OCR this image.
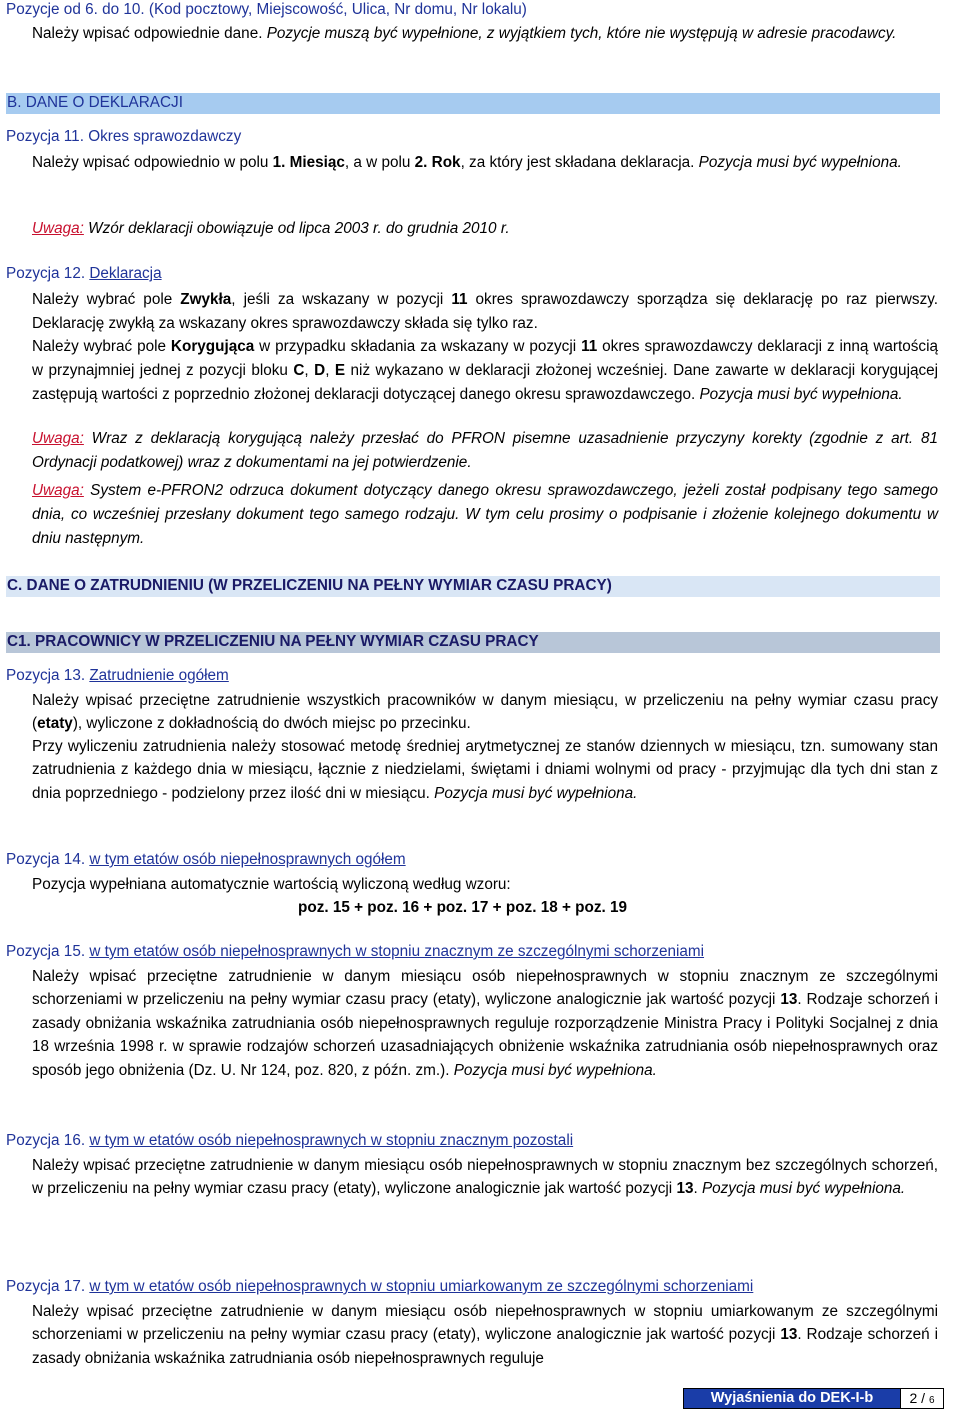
Pozycje od 6. do 10. (Kod pocztowy, Miejscowość, Ulica, Nr domu, Nr lokalu)
Należy wpisać odpowiednie dane. Pozycje muszą być wypełnione, z wyjątkiem tych, które nie występują w adresie pracodawcy.
B. DANE O DEKLARACJI
Pozycja 11. Okres sprawozdawczy
Należy wpisać odpowiednio w polu 1. Miesiąc, a w polu 2. Rok, za który jest składana deklaracja. Pozycja musi być wypełniona.
Uwaga: Wzór deklaracji obowiązuje od lipca 2003 r. do grudnia 2010 r.
Pozycja 12. Deklaracja
Należy wybrać pole Zwykła, jeśli za wskazany w pozycji 11 okres sprawozdawczy sporządza się deklarację po raz pierwszy. Deklarację zwykłą za wskazany okres sprawozdawczy składa się tylko raz.
Należy wybrać pole Korygująca w przypadku składania za wskazany w pozycji 11 okres sprawozdawczy deklaracji z inną wartością w przynajmniej jednej z pozycji bloku C, D, E niż wykazano w deklaracji złożonej wcześniej. Dane zawarte w deklaracji korygującej zastępują wartości z poprzednio złożonej deklaracji dotyczącej danego okresu sprawozdawczego. Pozycja musi być wypełniona.
Uwaga: Wraz z deklaracją korygującą należy przesłać do PFRON pisemne uzasadnienie przyczyny korekty (zgodnie z art. 81 Ordynacji podatkowej) wraz z dokumentami na jej potwierdzenie.
Uwaga: System e-PFRON2 odrzuca dokument dotyczący danego okresu sprawozdawczego, jeżeli został podpisany tego samego dnia, co wcześniej przesłany dokument tego samego rodzaju. W tym celu prosimy o podpisanie i złożenie kolejnego dokumentu w dniu następnym.
C. DANE O ZATRUDNIENIU (W PRZELICZENIU NA PEŁNY WYMIAR CZASU PRACY)
C1. PRACOWNICY W PRZELICZENIU NA PEŁNY WYMIAR CZASU PRACY
Pozycja 13. Zatrudnienie ogółem
Należy wpisać przeciętne zatrudnienie wszystkich pracowników w danym miesiącu, w przeliczeniu na pełny wymiar czasu pracy (etaty), wyliczone z dokładnością do dwóch miejsc po przecinku.
Przy wyliczeniu zatrudnienia należy stosować metodę średniej arytmetycznej ze stanów dziennych w miesiącu, tzn. sumowany stan zatrudnienia z każdego dnia w miesiącu, łącznie z niedzielami, świętami i dniami wolnymi od pracy - przyjmując dla tych dni stan z dnia poprzedniego - podzielony przez ilość dni w miesiącu. Pozycja musi być wypełniona.
Pozycja 14. w tym etatów osób niepełnosprawnych ogółem
Pozycja wypełniana automatycznie wartością wyliczoną według wzoru:
poz. 15 + poz. 16 + poz. 17 + poz. 18 + poz. 19
Pozycja 15. w tym etatów osób niepełnosprawnych w stopniu znacznym ze szczególnymi schorzeniami
Należy wpisać przeciętne zatrudnienie w danym miesiącu osób niepełnosprawnych w stopniu znacznym ze szczególnymi schorzeniami w przeliczeniu na pełny wymiar czasu pracy (etaty), wyliczone analogicznie jak wartość pozycji 13. Rodzaje schorzeń i zasady obniżania wskaźnika zatrudniania osób niepełnosprawnych reguluje rozporządzenie Ministra Pracy i Polityki Socjalnej z dnia 18 września 1998 r. w sprawie rodzajów schorzeń uzasadniających obniżenie wskaźnika zatrudniania osób niepełnosprawnych oraz sposób jego obniżenia (Dz. U. Nr 124, poz. 820, z późn. zm.). Pozycja musi być wypełniona.
Pozycja 16. w tym w etatów osób niepełnosprawnych w stopniu znacznym pozostali
Należy wpisać przeciętne zatrudnienie w danym miesiącu osób niepełnosprawnych w stopniu znacznym bez szczególnych schorzeń, w przeliczeniu na pełny wymiar czasu pracy (etaty), wyliczone analogicznie jak wartość pozycji 13. Pozycja musi być wypełniona.
Pozycja 17. w tym w etatów osób niepełnosprawnych w stopniu umiarkowanym ze szczególnymi schorzeniami
Należy wpisać przeciętne zatrudnienie w danym miesiącu osób niepełnosprawnych w stopniu umiarkowanym ze szczególnymi schorzeniami w przeliczeniu na pełny wymiar czasu pracy (etaty), wyliczone analogicznie jak wartość pozycji 13. Rodzaje schorzeń i zasady obniżania wskaźnika zatrudniania osób niepełnosprawnych reguluje
Wyjaśnienia do DEK-I-b	2 / 6
